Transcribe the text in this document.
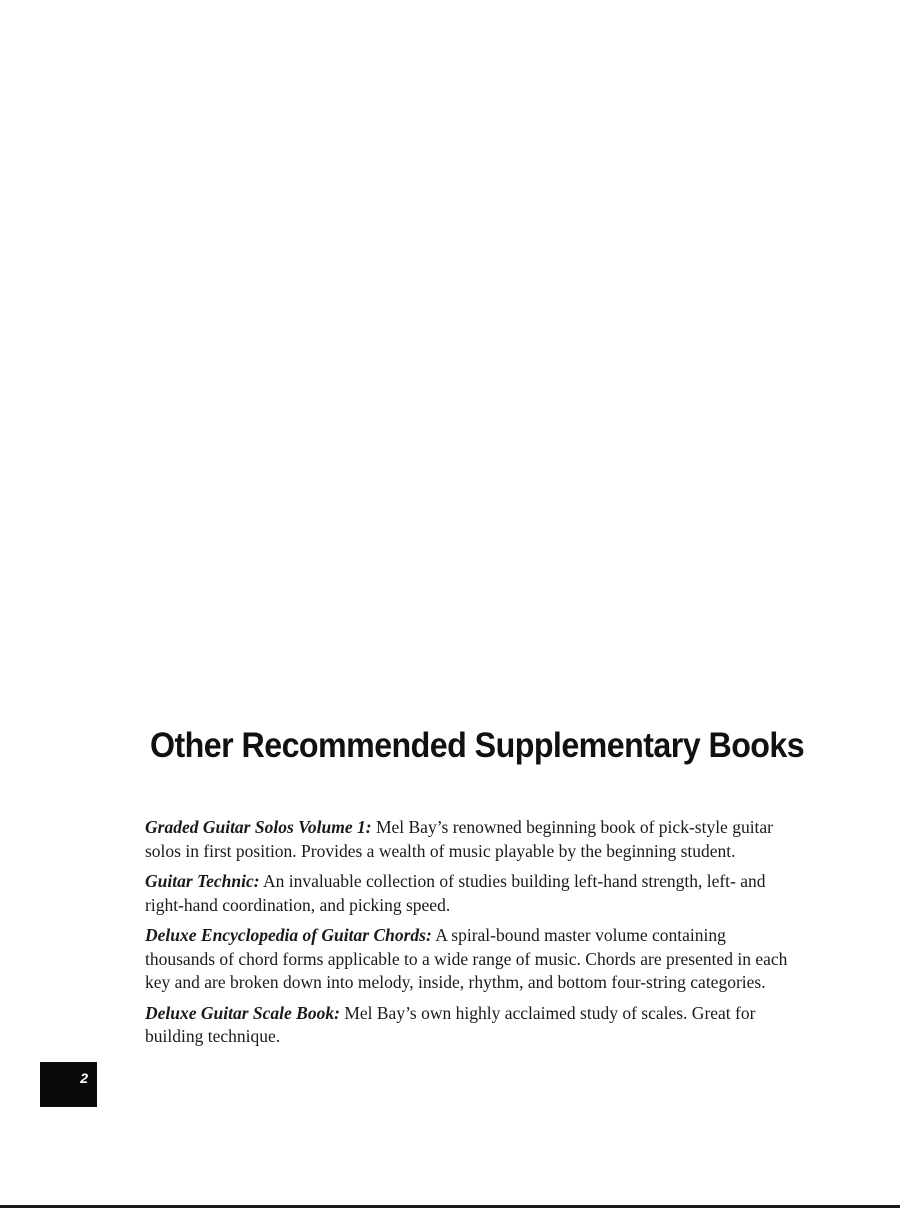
Other Recommended Supplementary Books
Graded Guitar Solos Volume 1: Mel Bay’s renowned beginning book of pick-style guitar solos in first position. Provides a wealth of music playable by the beginning student.
Guitar Technic: An invaluable collection of studies building left-hand strength, left- and right-hand coordination, and picking speed.
Deluxe Encyclopedia of Guitar Chords: A spiral-bound master volume containing thousands of chord forms applicable to a wide range of music. Chords are presented in each key and are broken down into melody, inside, rhythm, and bottom four-string categories.
Deluxe Guitar Scale Book: Mel Bay’s own highly acclaimed study of scales. Great for building technique.
2
